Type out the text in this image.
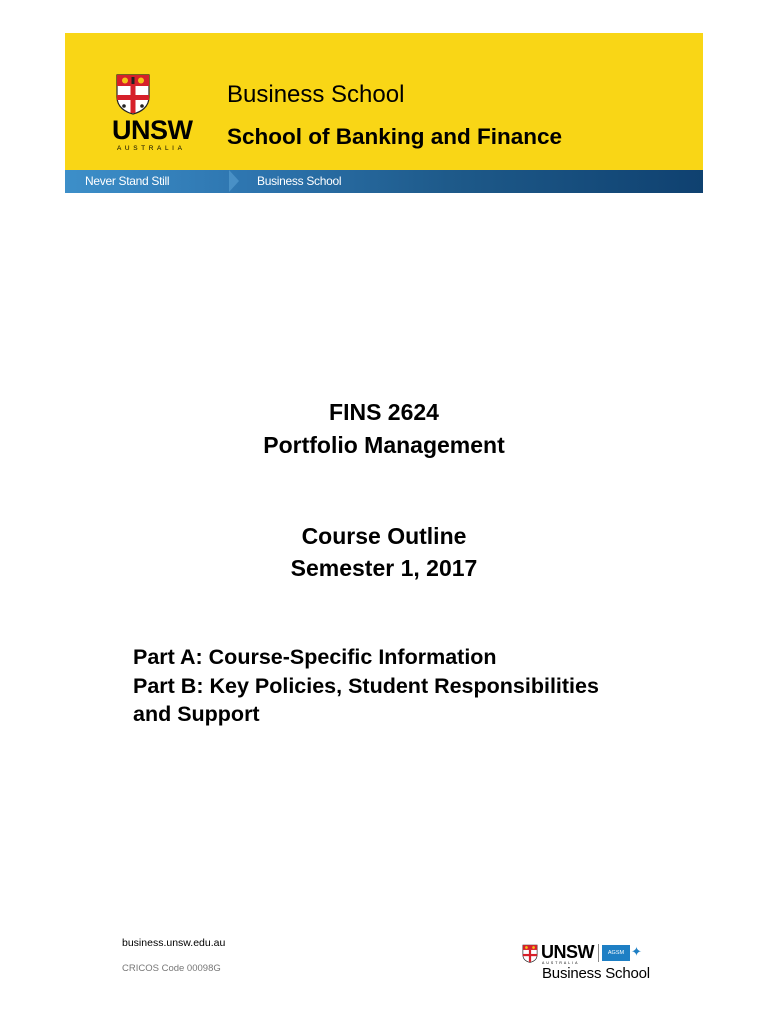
UNSW
AUSTRALIA
Business School
School of Banking and Finance
Never Stand Still	Business School
FINS 2624
Portfolio Management
Course Outline
Semester 1, 2017
Part A: Course-Specific Information
Part B: Key Policies, Student Responsibilities
and Support
business.unsw.edu.au
CRICOS Code 00098G
UNSW
AUSTRALIA
AGSM ✦
Business School
